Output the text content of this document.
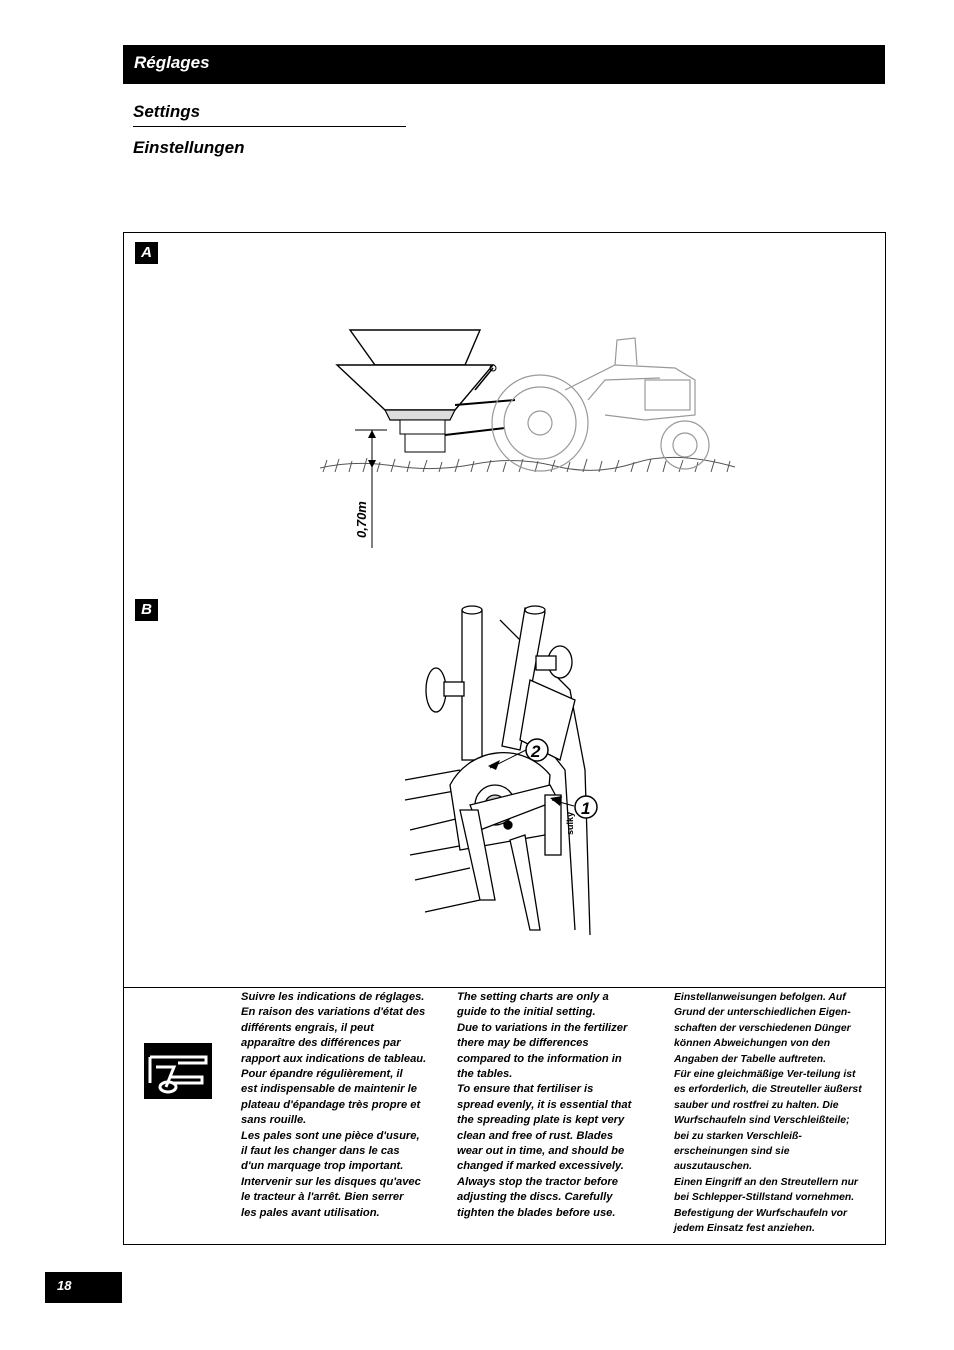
Réglages
Settings
Einstellungen
A
0,70m
B
sulky
2
1
Suivre les indications de réglages.
En raison des variations d'état des
différents engrais, il peut
apparaître des différences par
rapport aux indications de tableau.
Pour épandre régulièrement, il
est indispensable de maintenir le
plateau d'épandage très propre et
sans rouille.
Les pales sont une pièce d'usure,
il faut les changer dans le cas
d'un marquage trop important.
Intervenir sur les disques qu'avec
le tracteur à l'arrêt. Bien serrer
les pales avant utilisation.
The setting charts are only a
guide to the initial setting.
Due to variations in the fertilizer
there may be differences
compared to the information in
the tables.
To ensure that fertiliser is
spread evenly, it is essential that
the spreading plate is kept very
clean and free of rust. Blades
wear out in time, and should be
changed if marked excessively.
Always stop the tractor before
adjusting the discs. Carefully
tighten the blades before use.
Einstellanweisungen befolgen. Auf
Grund der unterschiedlichen Eigen-
schaften der verschiedenen Dünger
können Abweichungen von den
Angaben der Tabelle auftreten.
Für eine gleichmäßige Ver-teilung ist
es erforderlich, die Streuteller äußerst
sauber und rostfrei zu halten. Die
Wurfschaufeln sind Verschleißteile;
bei zu starken Verschleiß-
erscheinungen sind sie
auszutauschen.
Einen Eingriff an den Streutellern nur
bei Schlepper-Stillstand vornehmen.
Befestigung der Wurfschaufeln vor
jedem Einsatz fest anziehen.
18
